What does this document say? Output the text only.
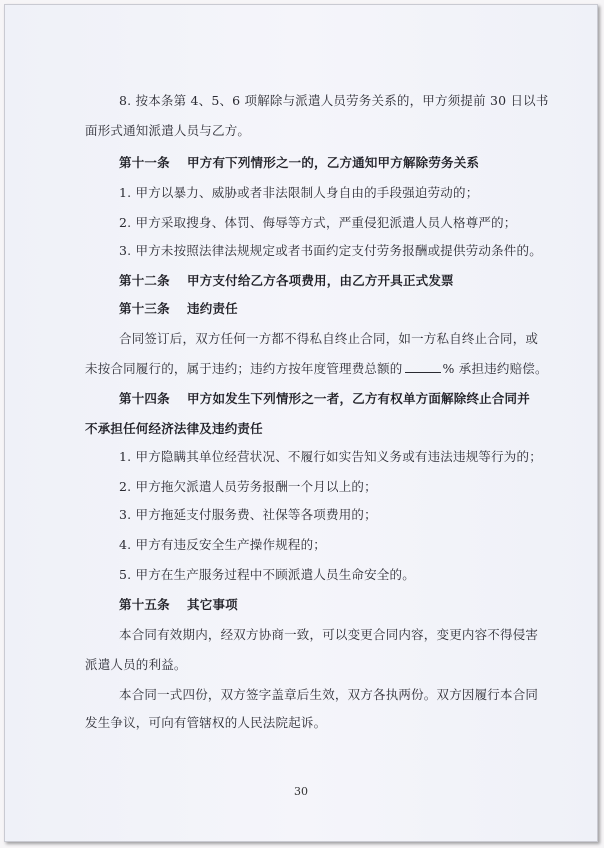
8. 按本条第 4、5、6 项解除与派遣人员劳务关系的，甲方须提前 30 日以书
面形式通知派遣人员与乙方。
第十一条　 甲方有下列情形之一的，乙方通知甲方解除劳务关系
1. 甲方以暴力、威胁或者非法限制人身自由的手段强迫劳动的；
2. 甲方采取搜身、体罚、侮辱等方式，严重侵犯派遣人员人格尊严的；
3. 甲方未按照法律法规规定或者书面约定支付劳务报酬或提供劳动条件的。
第十二条　 甲方支付给乙方各项费用，由乙方开具正式发票
第十三条　 违约责任
合同签订后，双方任何一方都不得私自终止合同，如一方私自终止合同，或
未按合同履行的，属于违约；违约方按年度管理费总额的	% 承担违约赔偿。
第十四条　 甲方如发生下列情形之一者，乙方有权单方面解除终止合同并
不承担任何经济法律及违约责任
1. 甲方隐瞒其单位经营状况、不履行如实告知义务或有违法违规等行为的；
2. 甲方拖欠派遣人员劳务报酬一个月以上的；
3. 甲方拖延支付服务费、社保等各项费用的；
4. 甲方有违反安全生产操作规程的；
5. 甲方在生产服务过程中不顾派遣人员生命安全的。
第十五条　 其它事项
本合同有效期内，经双方协商一致，可以变更合同内容，变更内容不得侵害
派遣人员的利益。
本合同一式四份，双方签字盖章后生效，双方各执两份。双方因履行本合同
发生争议，可向有管辖权的人民法院起诉。
30
